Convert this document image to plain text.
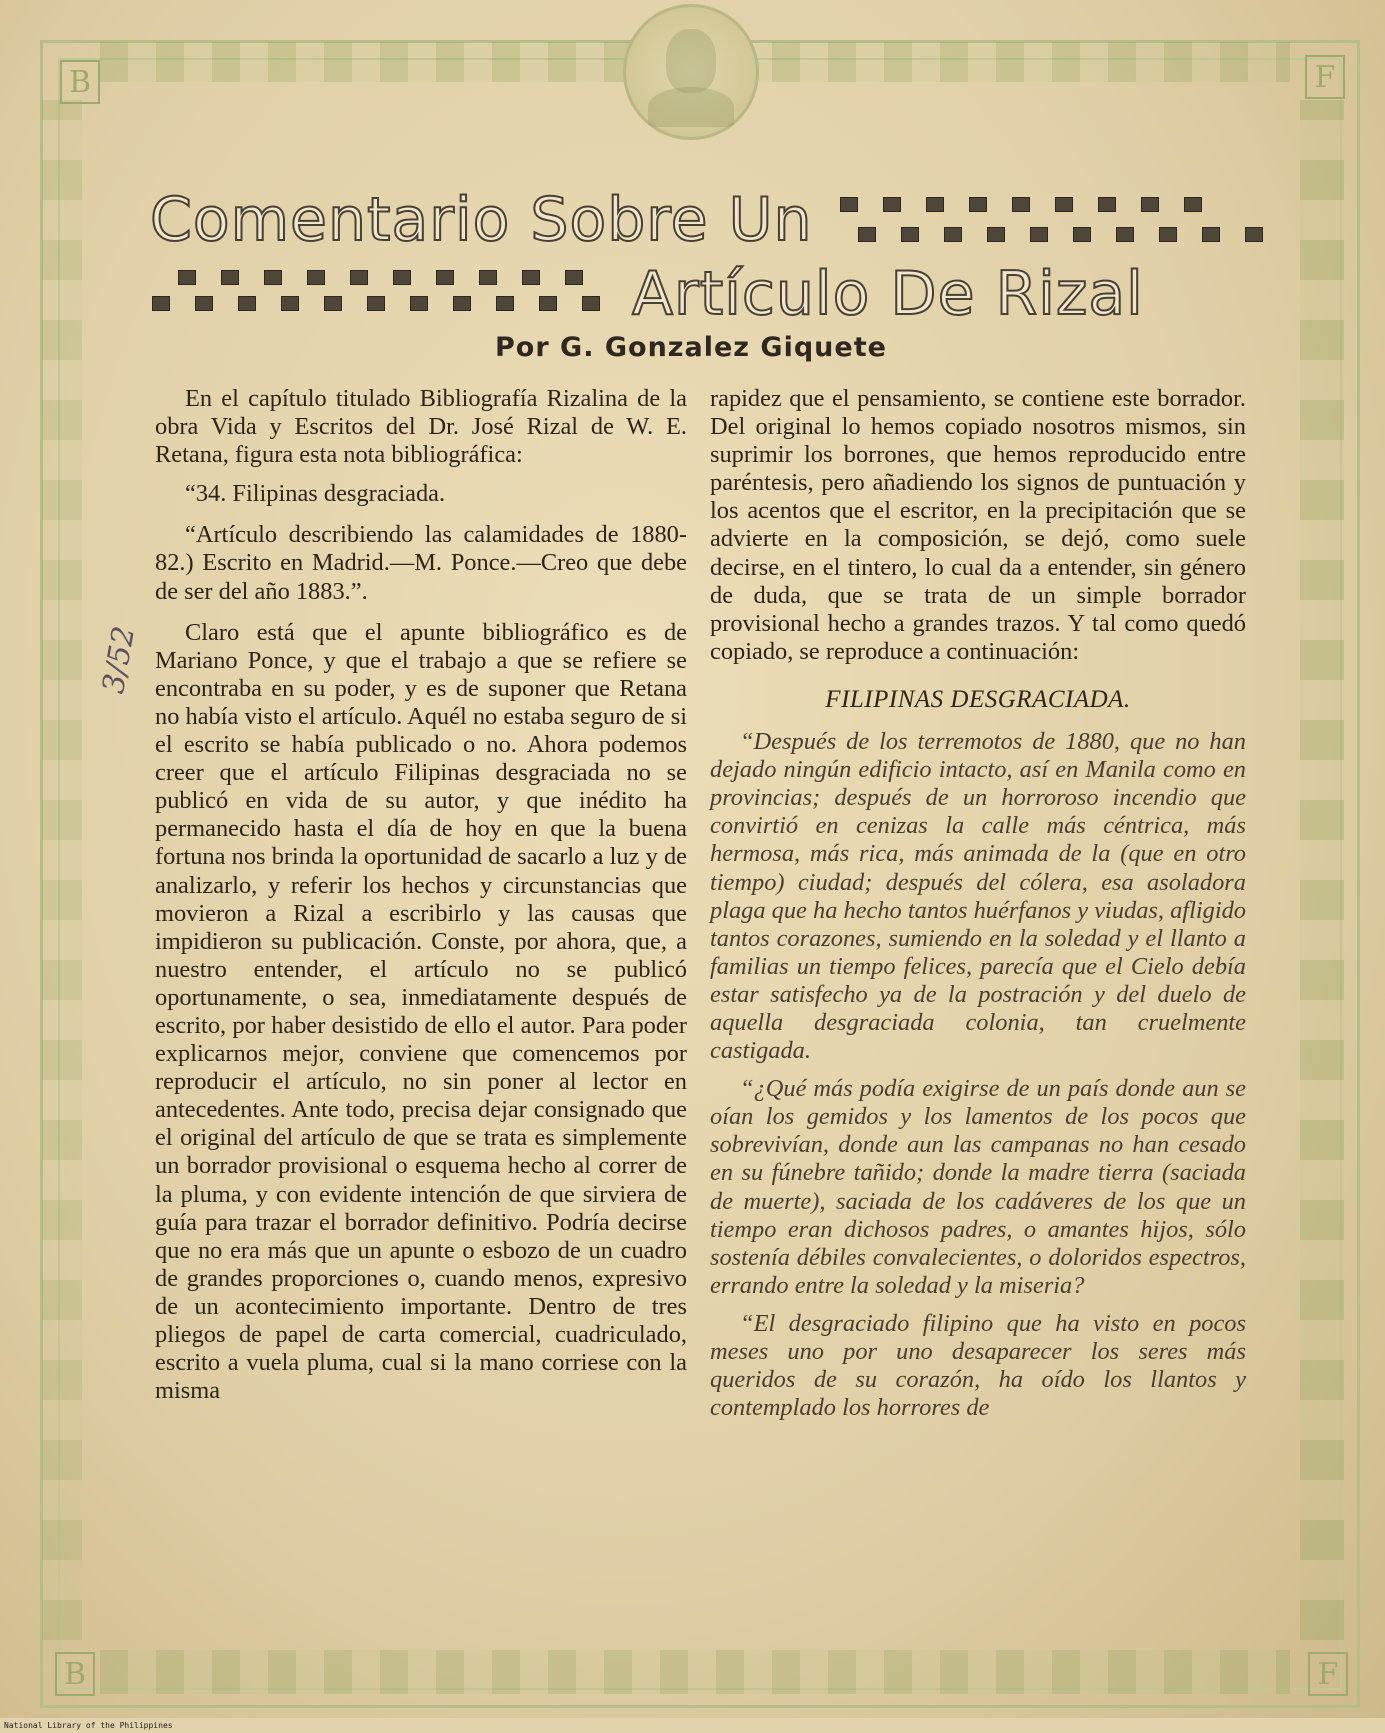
B	F
B	F
Comentario Sobre Un
Artículo De Rizal
Por G. Gonzalez Giquete

En el capítulo titulado Bibliografía Rizalina de la obra Vida y Escritos del Dr. José Rizal de W. E. Retana, figura esta nota bibliográfica:

“34. Filipinas desgraciada.

“Artículo describiendo las calamidades de 1880-82.) Escrito en Madrid.—M. Ponce.—Creo que debe de ser del año 1883.”.

Claro está que el apunte bibliográfico es de Mariano Ponce, y que el trabajo a que se refiere se encontraba en su poder, y es de suponer que Retana no había visto el artículo. Aquél no estaba seguro de si el escrito se había publicado o no. Ahora podemos creer que el artículo Filipinas desgraciada no se publicó en vida de su autor, y que inédito ha permanecido hasta el día de hoy en que la buena fortuna nos brinda la oportunidad de sacarlo a luz y de analizarlo, y referir los hechos y circunstancias que movieron a Rizal a escribirlo y las causas que impidieron su publicación. Conste, por ahora, que, a nuestro entender, el artículo no se publicó oportunamente, o sea, inmediatamente después de escrito, por haber desistido de ello el autor. Para poder explicarnos mejor, conviene que comencemos por reproducir el artículo, no sin poner al lector en antecedentes. Ante todo, precisa dejar consignado que el original del artículo de que se trata es simplemente un borrador provisional o esquema hecho al correr de la pluma, y con evidente intención de que sirviera de guía para trazar el borrador definitivo. Podría decirse que no era más que un apunte o esbozo de un cuadro de grandes proporciones o, cuando menos, expresivo de un acontecimiento importante. Dentro de tres pliegos de papel de carta comercial, cuadriculado, escrito a vuela pluma, cual si la mano corriese con la misma

rapidez que el pensamiento, se contiene este borrador. Del original lo hemos copiado nosotros mismos, sin suprimir los borrones, que hemos reproducido entre paréntesis, pero añadiendo los signos de puntuación y los acentos que el escritor, en la precipitación que se advierte en la composición, se dejó, como suele decirse, en el tintero, lo cual da a entender, sin género de duda, que se trata de un simple borrador provisional hecho a grandes trazos. Y tal como quedó copiado, se reproduce a continuación:

FILIPINAS DESGRACIADA.

“Después de los terremotos de 1880, que no han dejado ningún edificio intacto, así en Manila como en provincias; después de un horroroso incendio que convirtió en cenizas la calle más céntrica, más hermosa, más rica, más animada de la (que en otro tiempo) ciudad; después del cólera, esa asoladora plaga que ha hecho tantos huérfanos y viudas, afligido tantos corazones, sumiendo en la soledad y el llanto a familias un tiempo felices, parecía que el Cielo debía estar satisfecho ya de la postración y del duelo de aquella desgraciada colonia, tan cruelmente castigada.

“¿Qué más podía exigirse de un país donde aun se oían los gemidos y los lamentos de los pocos que sobrevivían, donde aun las campanas no han cesado en su fúnebre tañido; donde la madre tierra (saciada de muerte), saciada de los cadáveres de los que un tiempo eran dichosos padres, o amantes hijos, sólo sostenía débiles convalecientes, o doloridos espectros, errando entre la soledad y la miseria?

“El desgraciado filipino que ha visto en pocos meses uno por uno desaparecer los seres más queridos de su corazón, ha oído los llantos y contemplado los horrores de

3/52
National Library of the Philippines
